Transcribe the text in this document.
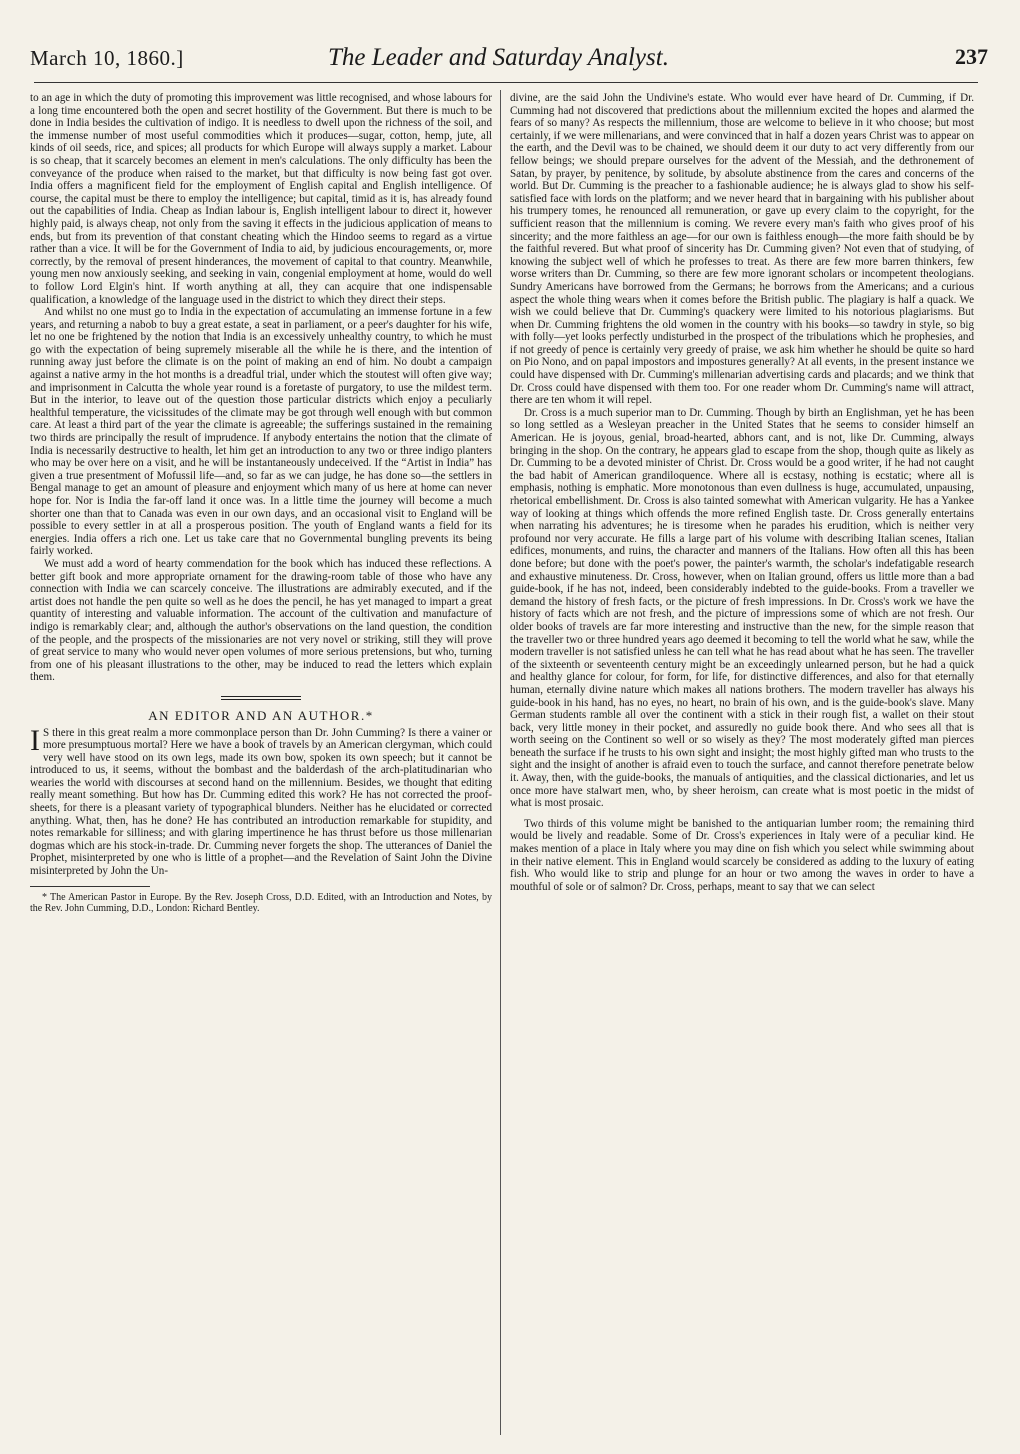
March 10, 1860.]	The Leader and Saturday Analyst.	237

to an age in which the duty of promoting this improvement was little recognised, and whose labours for a long time encountered both the open and secret hostility of the Government. But there is much to be done in India besides the cultivation of indigo. It is needless to dwell upon the richness of the soil, and the immense number of most useful commodities which it produces—sugar, cotton, hemp, jute, all kinds of oil seeds, rice, and spices; all products for which Europe will always supply a market. Labour is so cheap, that it scarcely becomes an element in men's calculations. The only difficulty has been the conveyance of the produce when raised to the market, but that difficulty is now being fast got over. India offers a magnificent field for the employment of English capital and English intelligence. Of course, the capital must be there to employ the intelligence; but capital, timid as it is, has already found out the capabilities of India. Cheap as Indian labour is, English intelligent labour to direct it, however highly paid, is always cheap, not only from the saving it effects in the judicious application of means to ends, but from its prevention of that constant cheating which the Hindoo seems to regard as a virtue rather than a vice. It will be for the Government of India to aid, by judicious encouragements, or, more correctly, by the removal of present hinderances, the movement of capital to that country. Meanwhile, young men now anxiously seeking, and seeking in vain, congenial employment at home, would do well to follow Lord Elgin's hint. If worth anything at all, they can acquire that one indispensable qualification, a knowledge of the language used in the district to which they direct their steps.

And whilst no one must go to India in the expectation of accumulating an immense fortune in a few years, and returning a nabob to buy a great estate, a seat in parliament, or a peer's daughter for his wife, let no one be frightened by the notion that India is an excessively unhealthy country, to which he must go with the expectation of being supremely miserable all the while he is there, and the intention of running away just before the climate is on the point of making an end of him. No doubt a campaign against a native army in the hot months is a dreadful trial, under which the stoutest will often give way; and imprisonment in Calcutta the whole year round is a foretaste of purgatory, to use the mildest term. But in the interior, to leave out of the question those particular districts which enjoy a peculiarly healthful temperature, the vicissitudes of the climate may be got through well enough with but common care. At least a third part of the year the climate is agreeable; the sufferings sustained in the remaining two thirds are principally the result of imprudence. If anybody entertains the notion that the climate of India is necessarily destructive to health, let him get an introduction to any two or three indigo planters who may be over here on a visit, and he will be instantaneously undeceived. If the “Artist in India” has given a true presentment of Mofussil life—and, so far as we can judge, he has done so—the settlers in Bengal manage to get an amount of pleasure and enjoyment which many of us here at home can never hope for. Nor is India the far-off land it once was. In a little time the journey will become a much shorter one than that to Canada was even in our own days, and an occasional visit to England will be possible to every settler in at all a prosperous position. The youth of England wants a field for its energies. India offers a rich one. Let us take care that no Governmental bungling prevents its being fairly worked.

We must add a word of hearty commendation for the book which has induced these reflections. A better gift book and more appropriate ornament for the drawing-room table of those who have any connection with India we can scarcely conceive. The illustrations are admirably executed, and if the artist does not handle the pen quite so well as he does the pencil, he has yet managed to impart a great quantity of interesting and valuable information. The account of the cultivation and manufacture of indigo is remarkably clear; and, although the author's observations on the land question, the condition of the people, and the prospects of the missionaries are not very novel or striking, still they will prove of great service to many who would never open volumes of more serious pretensions, but who, turning from one of his pleasant illustrations to the other, may be induced to read the letters which explain them.

AN EDITOR AND AN AUTHOR.*

I S there in this great realm a more commonplace person than Dr. John Cumming? Is there a vainer or more presumptuous mortal? Here we have a book of travels by an American clergyman, which could very well have stood on its own legs, made its own bow, spoken its own speech; but it cannot be introduced to us, it seems, without the bombast and the balderdash of the arch-platitudinarian who wearies the world with discourses at second hand on the millennium. Besides, we thought that editing really meant something. But how has Dr. Cumming edited this work? He has not corrected the proof-sheets, for there is a pleasant variety of typographical blunders. Neither has he elucidated or corrected anything. What, then, has he done? He has contributed an introduction remarkable for stupidity, and notes remarkable for silliness; and with glaring impertinence he has thrust before us those millenarian dogmas which are his stock-in-trade. Dr. Cumming never forgets the shop. The utterances of Daniel the Prophet, misinterpreted by one who is little of a prophet—and the Revelation of Saint John the Divine misinterpreted by John the Un-

* The American Pastor in Europe. By the Rev. Joseph Cross, D.D. Edited, with an Introduction and Notes, by the Rev. John Cumming, D.D., London: Richard Bentley.

divine, are the said John the Undivine's estate. Who would ever have heard of Dr. Cumming, if Dr. Cumming had not discovered that predictions about the millennium excited the hopes and alarmed the fears of so many? As respects the millennium, those are welcome to believe in it who choose; but most certainly, if we were millenarians, and were convinced that in half a dozen years Christ was to appear on the earth, and the Devil was to be chained, we should deem it our duty to act very differently from our fellow beings; we should prepare ourselves for the advent of the Messiah, and the dethronement of Satan, by prayer, by penitence, by solitude, by absolute abstinence from the cares and concerns of the world. But Dr. Cumming is the preacher to a fashionable audience; he is always glad to show his self-satisfied face with lords on the platform; and we never heard that in bargaining with his publisher about his trumpery tomes, he renounced all remuneration, or gave up every claim to the copyright, for the sufficient reason that the millennium is coming. We revere every man's faith who gives proof of his sincerity; and the more faithless an age—for our own is faithless enough—the more faith should be by the faithful revered. But what proof of sincerity has Dr. Cumming given? Not even that of studying, of knowing the subject well of which he professes to treat. As there are few more barren thinkers, few worse writers than Dr. Cumming, so there are few more ignorant scholars or incompetent theologians. Sundry Americans have borrowed from the Germans; he borrows from the Americans; and a curious aspect the whole thing wears when it comes before the British public. The plagiary is half a quack. We wish we could believe that Dr. Cumming's quackery were limited to his notorious plagiarisms. But when Dr. Cumming frightens the old women in the country with his books—so tawdry in style, so big with folly—yet looks perfectly undisturbed in the prospect of the tribulations which he prophesies, and if not greedy of pence is certainly very greedy of praise, we ask him whether he should be quite so hard on Pio Nono, and on papal impostors and impostures generally? At all events, in the present instance we could have dispensed with Dr. Cumming's millenarian advertising cards and placards; and we think that Dr. Cross could have dispensed with them too. For one reader whom Dr. Cumming's name will attract, there are ten whom it will repel.

Dr. Cross is a much superior man to Dr. Cumming. Though by birth an Englishman, yet he has been so long settled as a Wesleyan preacher in the United States that he seems to consider himself an American. He is joyous, genial, broad-hearted, abhors cant, and is not, like Dr. Cumming, always bringing in the shop. On the contrary, he appears glad to escape from the shop, though quite as likely as Dr. Cumming to be a devoted minister of Christ. Dr. Cross would be a good writer, if he had not caught the bad habit of American grandiloquence. Where all is ecstasy, nothing is ecstatic; where all is emphasis, nothing is emphatic. More monotonous than even dullness is huge, accumulated, unpausing, rhetorical embellishment. Dr. Cross is also tainted somewhat with American vulgarity. He has a Yankee way of looking at things which offends the more refined English taste. Dr. Cross generally entertains when narrating his adventures; he is tiresome when he parades his erudition, which is neither very profound nor very accurate. He fills a large part of his volume with describing Italian scenes, Italian edifices, monuments, and ruins, the character and manners of the Italians. How often all this has been done before; but done with the poet's power, the painter's warmth, the scholar's indefatigable research and exhaustive minuteness. Dr. Cross, however, when on Italian ground, offers us little more than a bad guide-book, if he has not, indeed, been considerably indebted to the guide-books. From a traveller we demand the history of fresh facts, or the picture of fresh impressions. In Dr. Cross's work we have the history of facts which are not fresh, and the picture of impressions some of which are not fresh. Our older books of travels are far more interesting and instructive than the new, for the simple reason that the traveller two or three hundred years ago deemed it becoming to tell the world what he saw, while the modern traveller is not satisfied unless he can tell what he has read about what he has seen. The traveller of the sixteenth or seventeenth century might be an exceedingly unlearned person, but he had a quick and healthy glance for colour, for form, for life, for distinctive differences, and also for that eternally human, eternally divine nature which makes all nations brothers. The modern traveller has always his guide-book in his hand, has no eyes, no heart, no brain of his own, and is the guide-book's slave. Many German students ramble all over the continent with a stick in their rough fist, a wallet on their stout back, very little money in their pocket, and assuredly no guide book there. And who sees all that is worth seeing on the Continent so well or so wisely as they? The most moderately gifted man pierces beneath the surface if he trusts to his own sight and insight; the most highly gifted man who trusts to the sight and the insight of another is afraid even to touch the surface, and cannot therefore penetrate below it. Away, then, with the guide-books, the manuals of antiquities, and the classical dictionaries, and let us once more have stalwart men, who, by sheer heroism, can create what is most poetic in the midst of what is most prosaic.

Two thirds of this volume might be banished to the antiquarian lumber room; the remaining third would be lively and readable. Some of Dr. Cross's experiences in Italy were of a peculiar kind. He makes mention of a place in Italy where you may dine on fish which you select while swimming about in their native element. This in England would scarcely be considered as adding to the luxury of eating fish. Who would like to strip and plunge for an hour or two among the waves in order to have a mouthful of sole or of salmon? Dr. Cross, perhaps, meant to say that we can select
